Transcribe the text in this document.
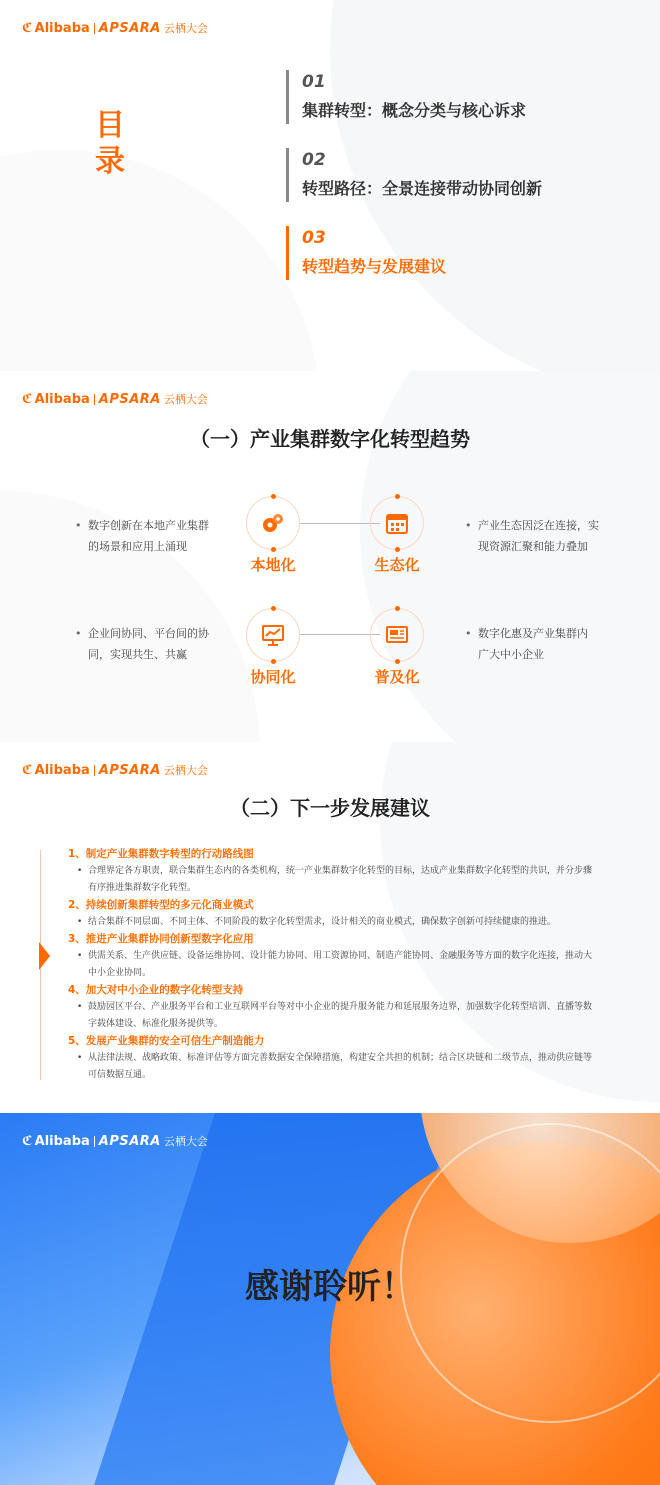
ℭ Alibaba APSARA 云栖大会
目录
01
集群转型：概念分类与核心诉求
02
转型路径：全景连接带动协同创新
03
转型趋势与发展建议
ℭ Alibaba APSARA 云栖大会
（一）产业集群数字化转型趋势
• 数字创新在本地产业集群的场景和应用上涌现
• 产业生态因泛在连接，实现资源汇聚和能力叠加
• 企业间协同、平台间的协同，实现共生、共赢
• 数字化惠及产业集群内广大中小企业
本地化	生态化
协同化	普及化
ℭ Alibaba APSARA 云栖大会
（二）下一步发展建议
1、制定产业集群数字转型的行动路线图
• 合理界定各方职责，联合集群生态内的各类机构，统一产业集群数字化转型的目标，达成产业集群数字化转型的共识，并分步骤有序推进集群数字化转型。
2、持续创新集群转型的多元化商业模式
• 结合集群不同层面、不同主体、不同阶段的数字化转型需求，设计相关的商业模式，确保数字创新可持续健康的推进。
3、推进产业集群协同创新型数字化应用
• 供需关系、生产供应链、设备运维协同、设计能力协同、用工资源协同、制造产能协同、金融服务等方面的数字化连接，推动大中小企业协同。
4、加大对中小企业的数字化转型支持
• 鼓励园区平台、产业服务平台和工业互联网平台等对中小企业的提升服务能力和延展服务边界，加强数字化转型培训、直播等数字载体建设、标准化服务提供等。
5、发展产业集群的安全可信生产制造能力
• 从法律法规、战略政策、标准评估等方面完善数据安全保障措施，构建安全共担的机制；结合区块链和二级节点，推动供应链等可信数据互通。
ℭ Alibaba APSARA 云栖大会
感谢聆听！
